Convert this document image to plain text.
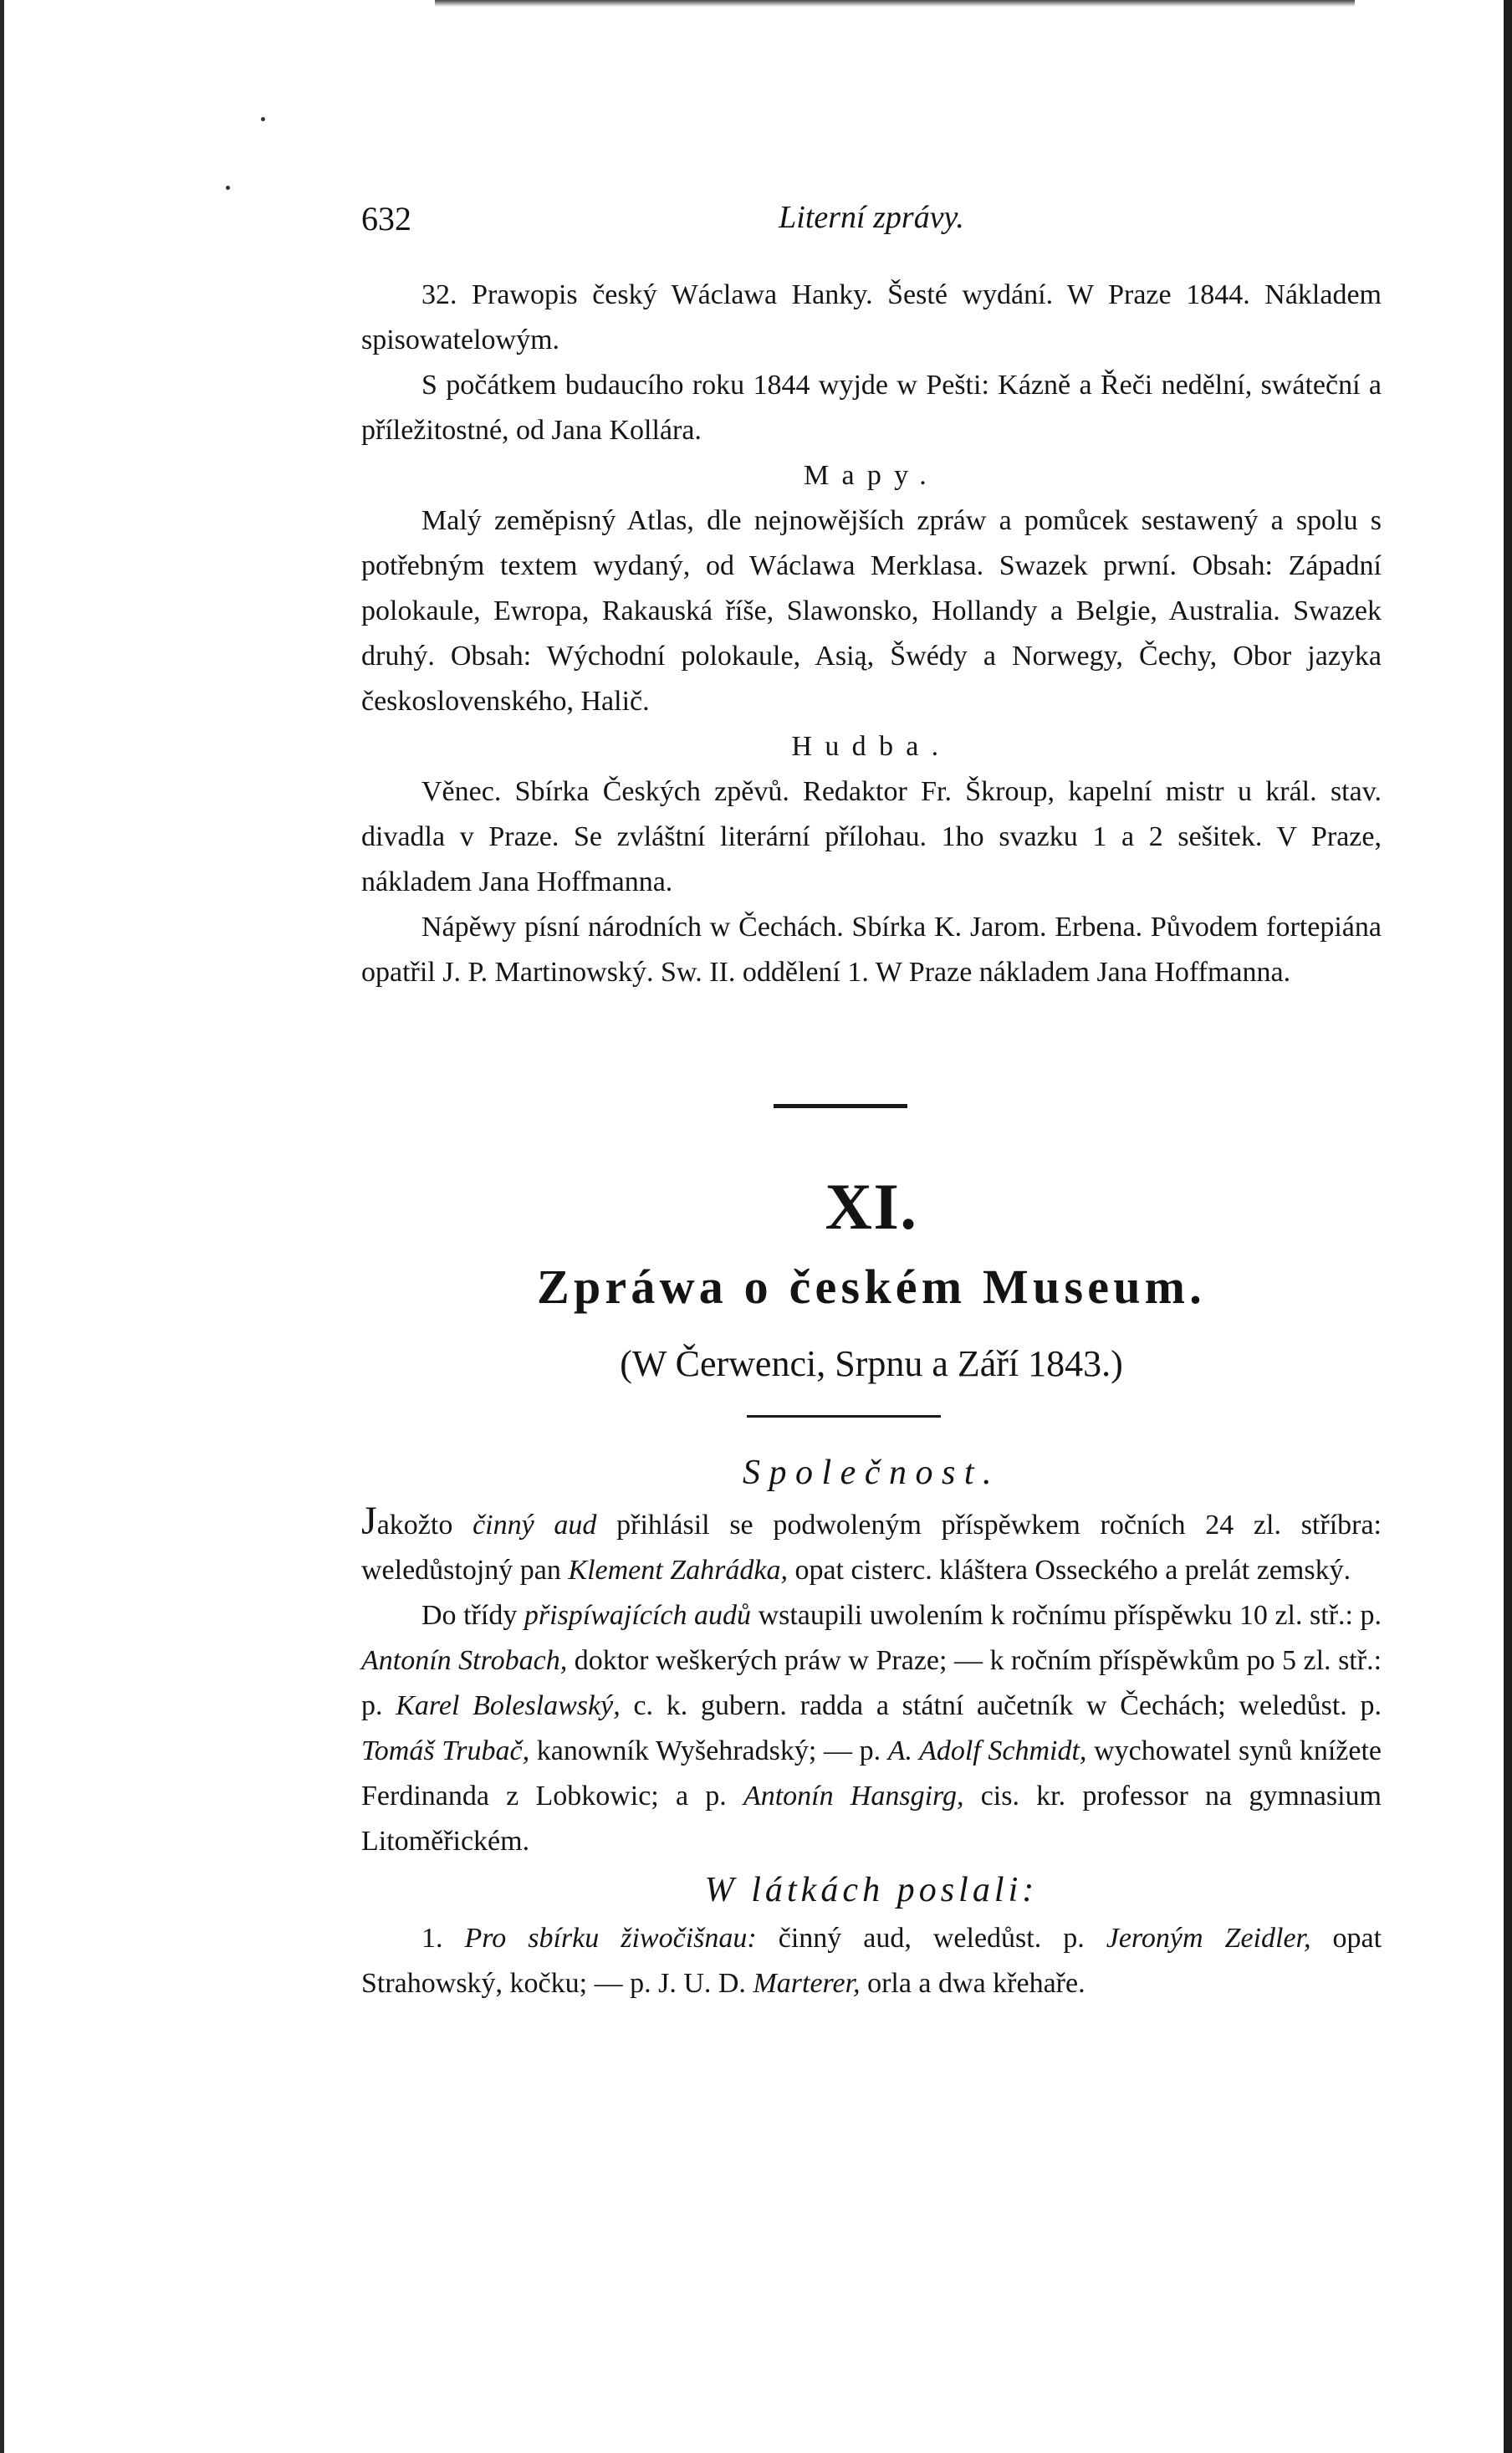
632	Literní zprávy.

32. Prawopis český Wáclawa Hanky. Šesté wydání. W Praze 1844. Nákladem spisowatelowým.

S počátkem budaucího roku 1844 wyjde w Pešti: Kázně a Řeči nedělní, swáteční a příležitostné, od Jana Kollára.

Mapy.

Malý zeměpisný Atlas, dle nejnowějších zpráw a pomůcek sestawený a spolu s potřebným textem wydaný, od Wáclawa Merklasa. Swazek prwní. Obsah: Západní polokaule, Ewropa, Rakauská říše, Slawonsko, Hollandy a Belgie, Australia. Swazek druhý. Obsah: Wýchodní polokaule, Asią, Šwédy a Norwegy, Čechy, Obor jazyka československého, Halič.

Hudba.

Věnec. Sbírka Českých zpěvů. Redaktor Fr. Škroup, kapelní mistr u král. stav. divadla v Praze. Se zvláštní literární přílohau. 1ho svazku 1 a 2 sešitek. V Praze, nákladem Jana Hoffmanna.

Nápěwy písní národních w Čechách. Sbírka K. Jarom. Erbena. Původem fortepiána opatřil J. P. Martinowský. Sw. II. oddělení 1. W Praze nákladem Jana Hoffmanna.

XI.
Zpráwa o českém Museum.
(W Čerwenci, Srpnu a Září 1843.)

Společnost.

Jakožto činný aud přihlásil se podwoleným příspěwkem ročních 24 zl. stříbra: weledůstojný pan Klement Zahrádka, opat cisterc. kláštera Osseckého a prelát zemský.

Do třídy přispíwajících audů wstaupili uwolením k ročnímu příspěwku 10 zl. stř.: p. Antonín Strobach, doktor weškerých práw w Praze; — k ročním příspěwkům po 5 zl. stř.: p. Karel Boleslawský, c. k. gubern. radda a státní aučetník w Čechách; weledůst. p. Tomáš Trubač, kanowník Wyšehradský; — p. A. Adolf Schmidt, wychowatel synů knížete Ferdinanda z Lobkowic; a p. Antonín Hansgirg, cis. kr. professor na gymnasium Litoměřickém.

W látkách poslali:

1. Pro sbírku žiwočišnau: činný aud, weledůst. p. Jeroným Zeidler, opat Strahowský, kočku; — p. J. U. D. Marterer, orla a dwa křehaře.
